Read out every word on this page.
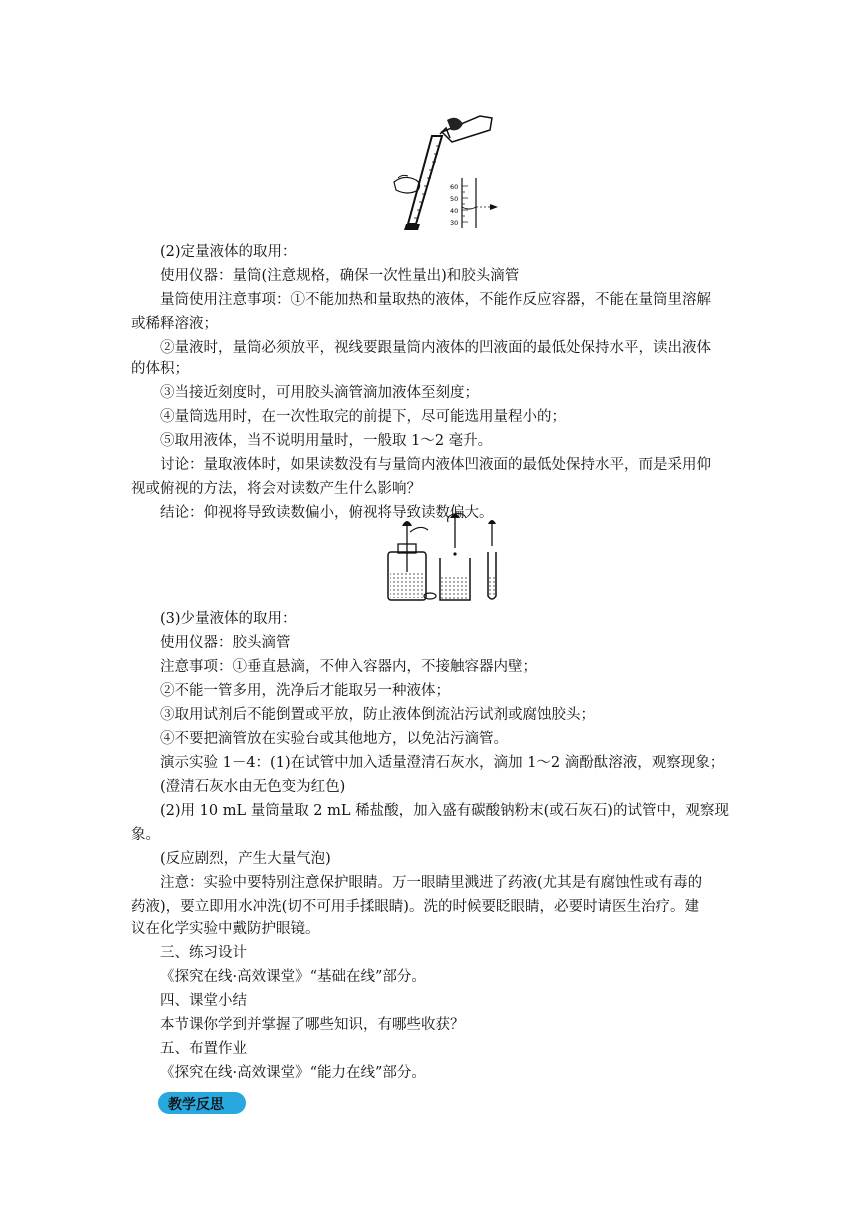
60
50
40
30
(2)定量液体的取用：
使用仪器：量筒(注意规格，确保一次性量出)和胶头滴管
量筒使用注意事项：①不能加热和量取热的液体，不能作反应容器，不能在量筒里溶解
或稀释溶液；
②量液时，量筒必须放平，视线要跟量筒内液体的凹液面的最低处保持水平，读出液体
的体积；
③当接近刻度时，可用胶头滴管滴加液体至刻度；
④量筒选用时，在一次性取完的前提下，尽可能选用量程小的；
⑤取用液体，当不说明用量时，一般取 1～2 毫升。
讨论：量取液体时，如果读数没有与量筒内液体凹液面的最低处保持水平，而是采用仰
视或俯视的方法，将会对读数产生什么影响？
结论：仰视将导致读数偏小，俯视将导致读数偏大。
(3)少量液体的取用：
使用仪器：胶头滴管
注意事项：①垂直悬滴，不伸入容器内，不接触容器内壁；
②不能一管多用，洗净后才能取另一种液体；
③取用试剂后不能倒置或平放，防止液体倒流沾污试剂或腐蚀胶头；
④不要把滴管放在实验台或其他地方，以免沾污滴管。
演示实验 1－4：(1)在试管中加入适量澄清石灰水，滴加 1～2 滴酚酞溶液，观察现象；
(澄清石灰水由无色变为红色)
(2)用 10 mL 量筒量取 2 mL 稀盐酸，加入盛有碳酸钠粉末(或石灰石)的试管中，观察现
象。
(反应剧烈，产生大量气泡)
注意：实验中要特别注意保护眼睛。万一眼睛里溅进了药液(尤其是有腐蚀性或有毒的
药液)，要立即用水冲洗(切不可用手揉眼睛)。洗的时候要眨眼睛，必要时请医生治疗。建
议在化学实验中戴防护眼镜。
三、练习设计
《探究在线·高效课堂》“基础在线”部分。
四、课堂小结
本节课你学到并掌握了哪些知识，有哪些收获？
五、布置作业
《探究在线·高效课堂》“能力在线”部分。
教学反思
